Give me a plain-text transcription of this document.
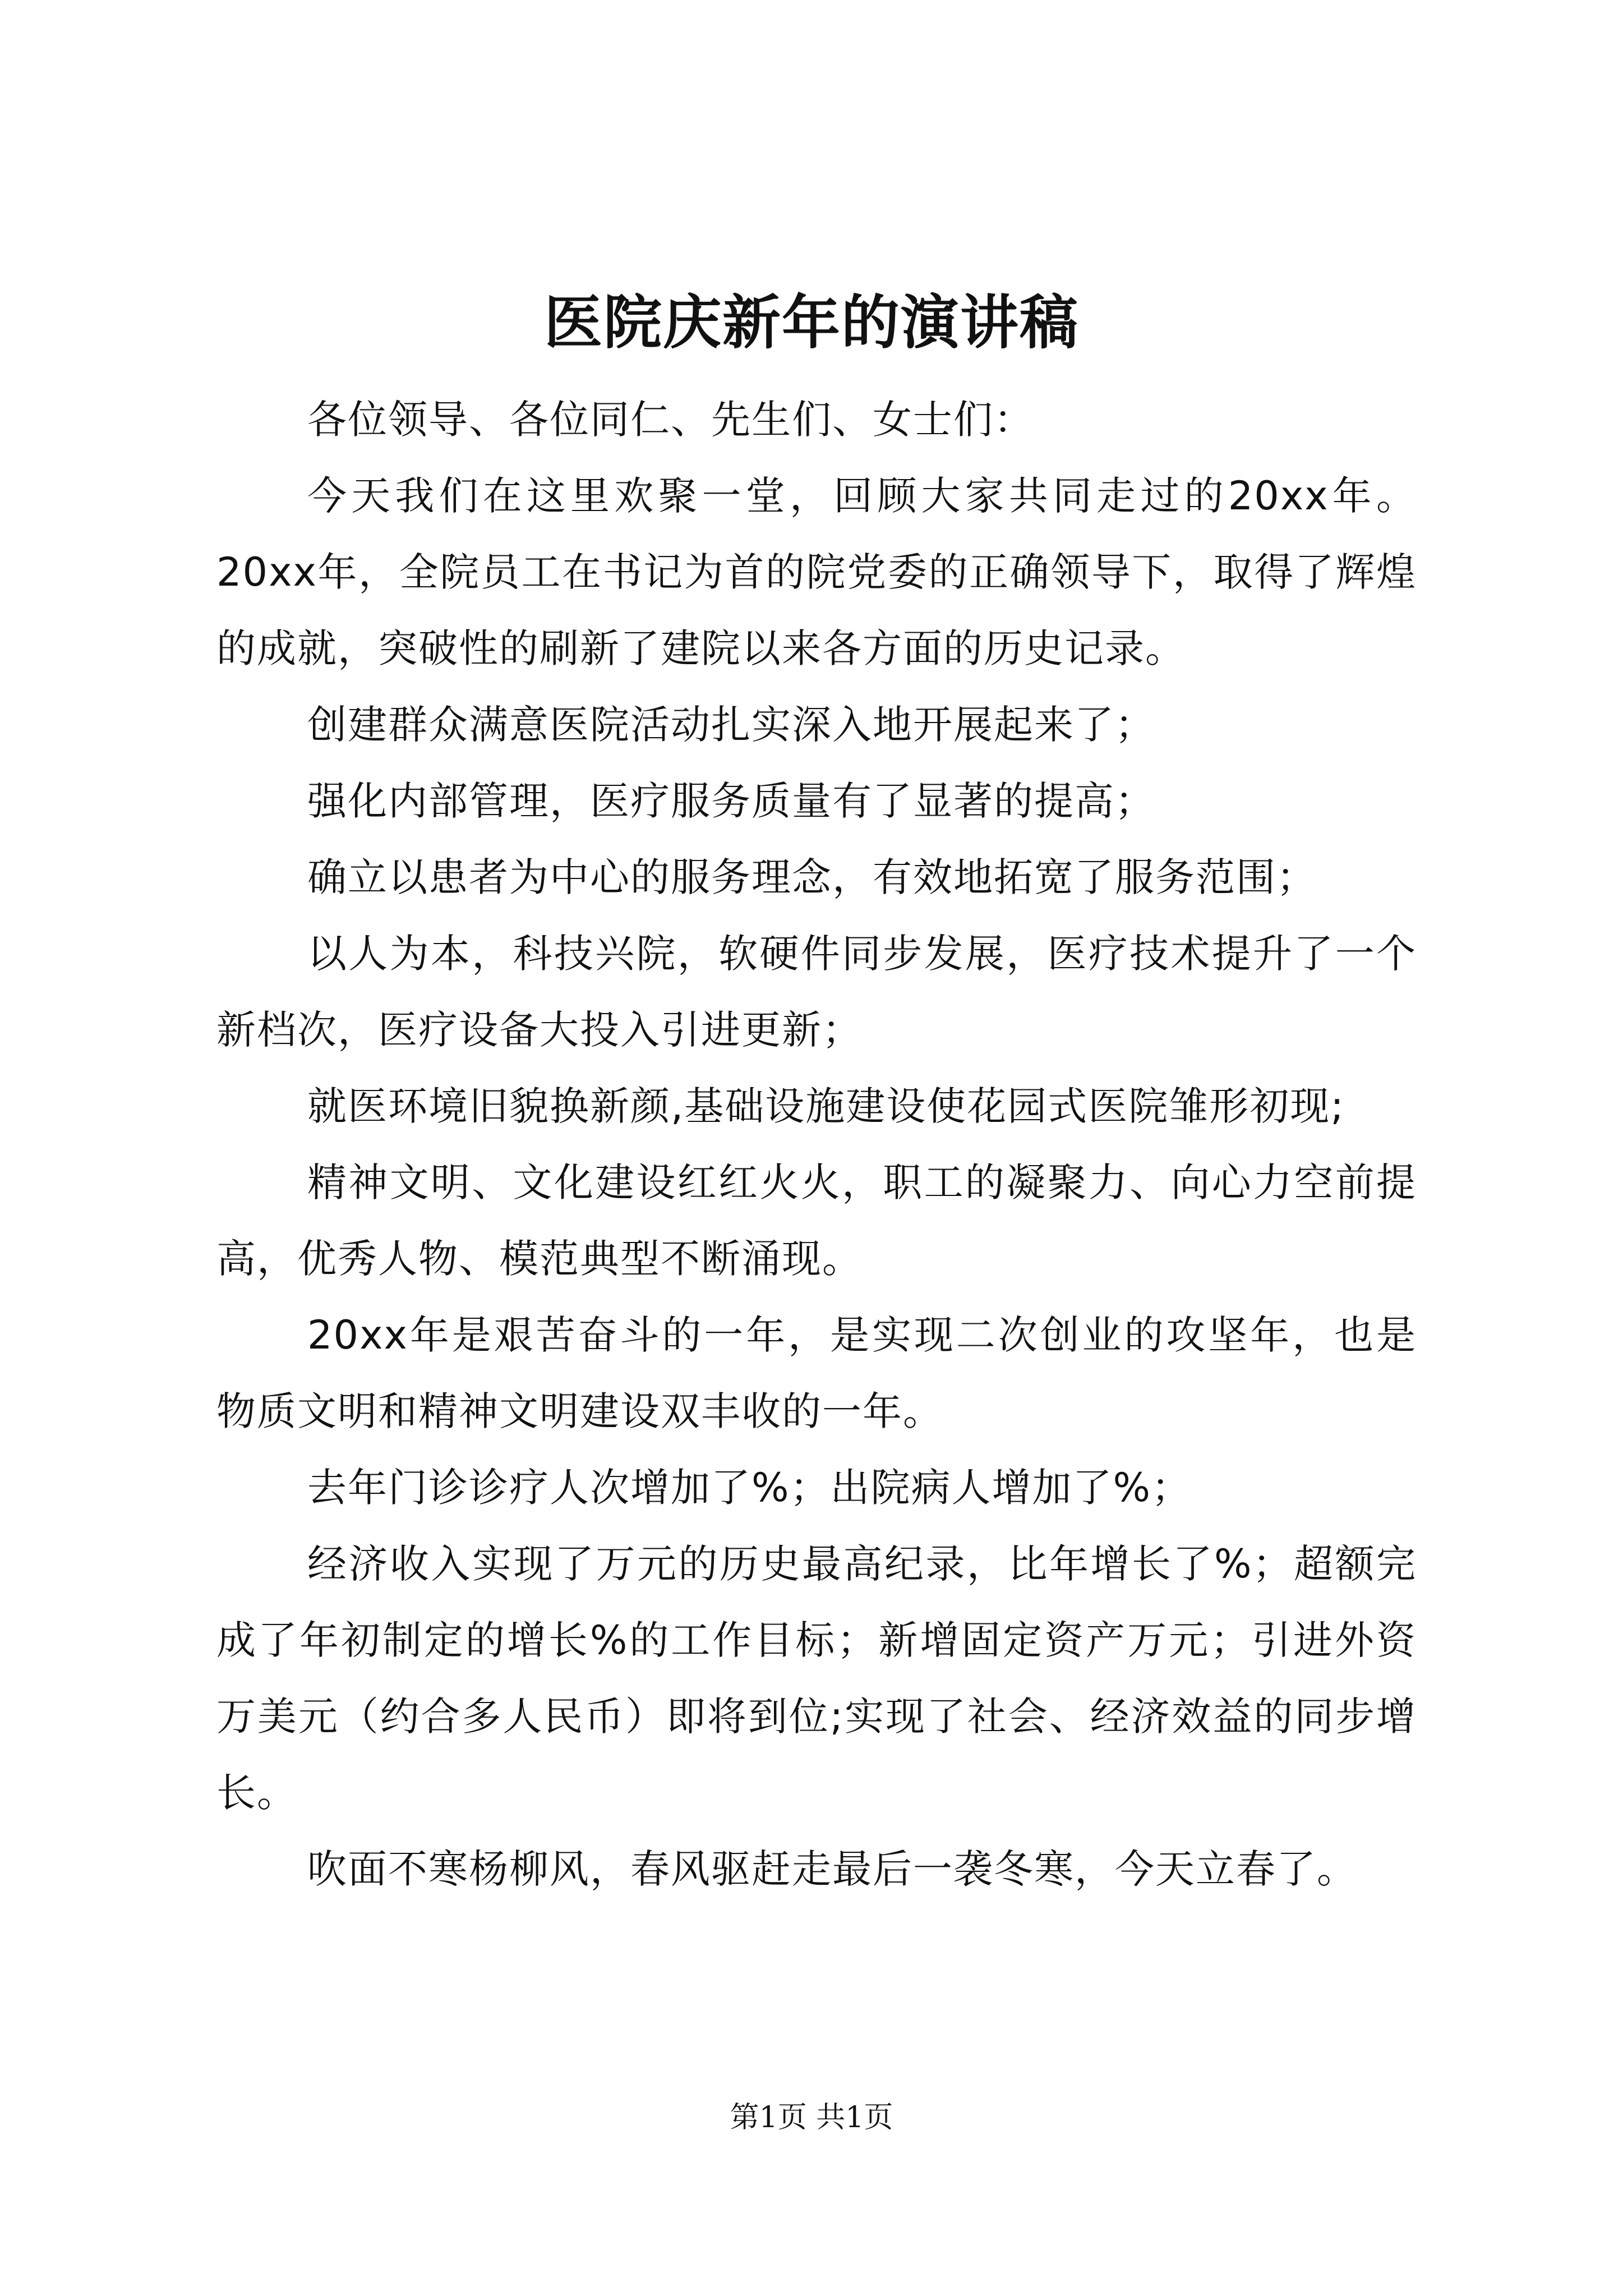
医院庆新年的演讲稿

各位领导、各位同仁、先生们、女士们：

今天我们在这里欢聚一堂，回顾大家共同走过的20xx年。20xx年，全院员工在书记为首的院党委的正确领导下，取得了辉煌的成就，突破性的刷新了建院以来各方面的历史记录。

创建群众满意医院活动扎实深入地开展起来了；

强化内部管理，医疗服务质量有了显著的提高；

确立以患者为中心的服务理念，有效地拓宽了服务范围；

以人为本，科技兴院，软硬件同步发展，医疗技术提升了一个新档次，医疗设备大投入引进更新；

就医环境旧貌换新颜,基础设施建设使花园式医院雏形初现;

精神文明、文化建设红红火火，职工的凝聚力、向心力空前提高，优秀人物、模范典型不断涌现。

20xx年是艰苦奋斗的一年，是实现二次创业的攻坚年，也是物质文明和精神文明建设双丰收的一年。

去年门诊诊疗人次增加了%；出院病人增加了%；

经济收入实现了万元的历史最高纪录，比年增长了%；超额完成了年初制定的增长%的工作目标；新增固定资产万元；引进外资万美元（约合多人民币）即将到位;实现了社会、经济效益的同步增长。

吹面不寒杨柳风，春风驱赶走最后一袭冬寒，今天立春了。

第1页 共1页
